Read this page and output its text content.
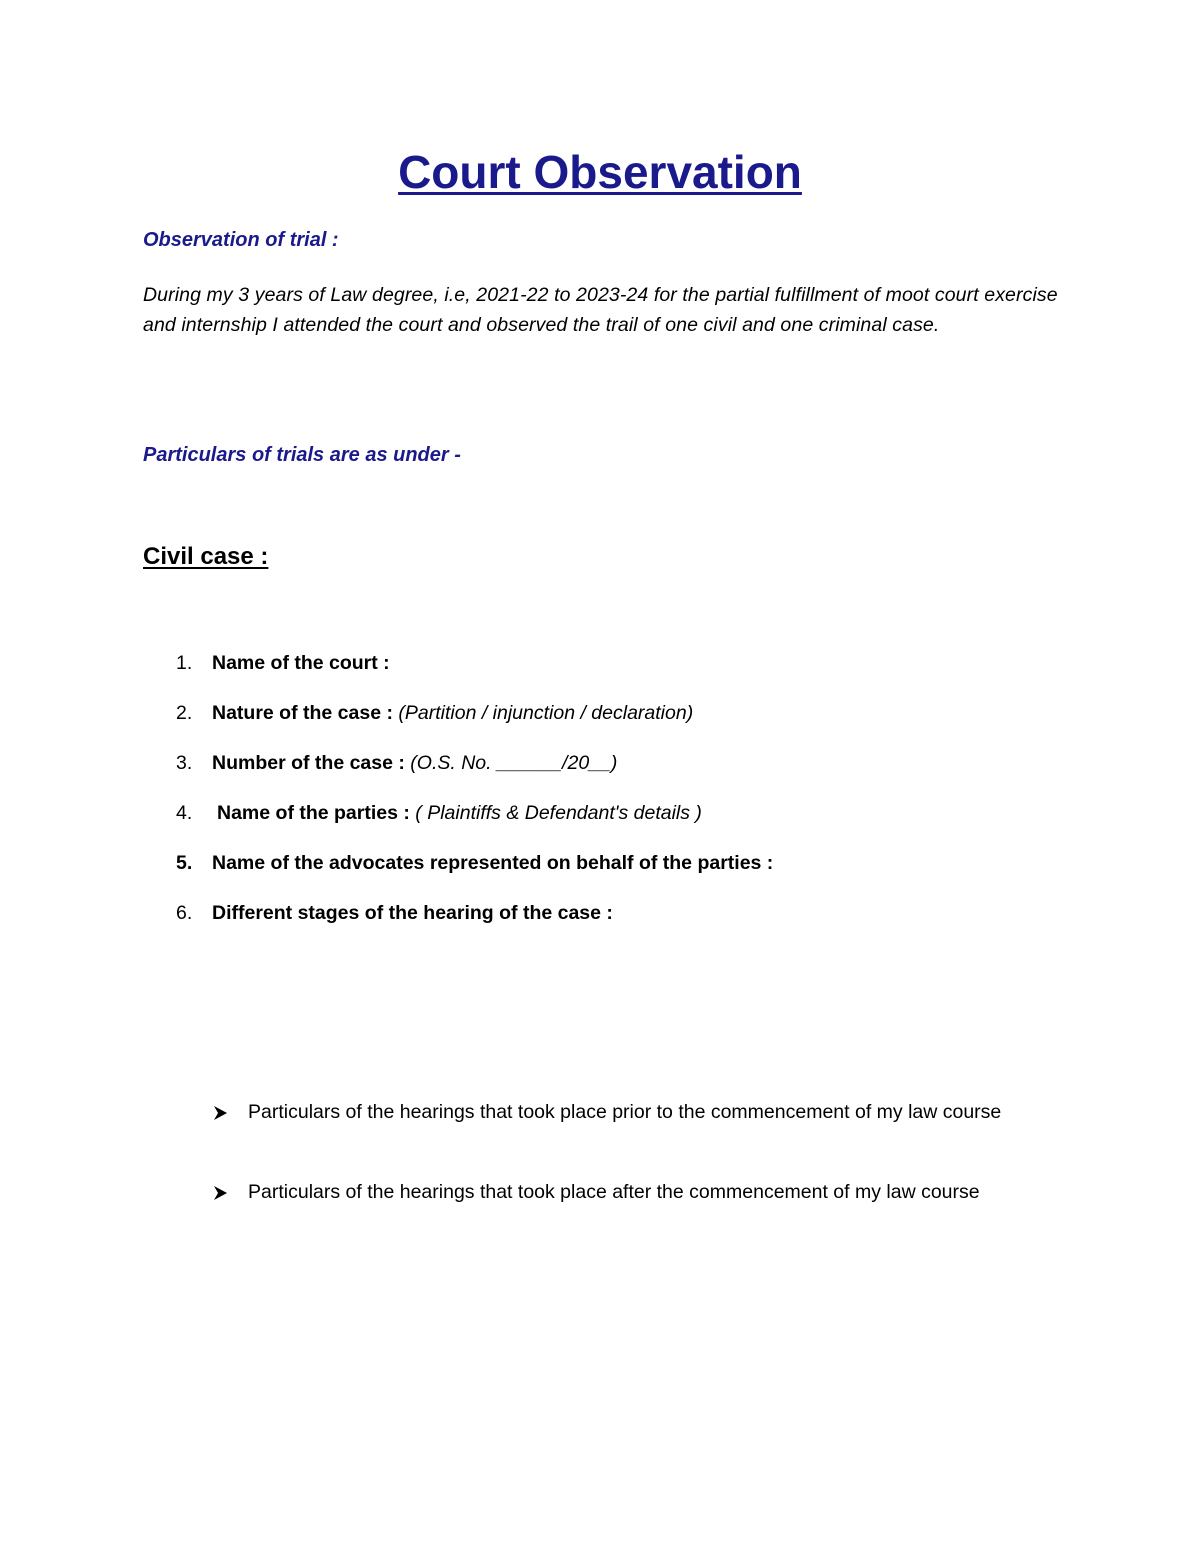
Court Observation
Observation of trial :

During my 3 years of Law degree, i.e, 2021-22 to 2023-24 for the partial fulfillment of moot court exercise and internship I attended the court and observed the trail of one civil and one criminal case.

Particulars of trials are as under -
Civil case :
1. Name of the court :
2. Nature of the case : (Partition / injunction / declaration)
3. Number of the case : (O.S. No. ______/20__)
4. Name of the parties : ( Plaintiffs & Defendant's details )
5. Name of the advocates represented on behalf of the parties :
6. Different stages of the hearing of the case :
Particulars of the hearings that took place prior to the commencement of my law course
Particulars of the hearings that took place after the commencement of my law course
